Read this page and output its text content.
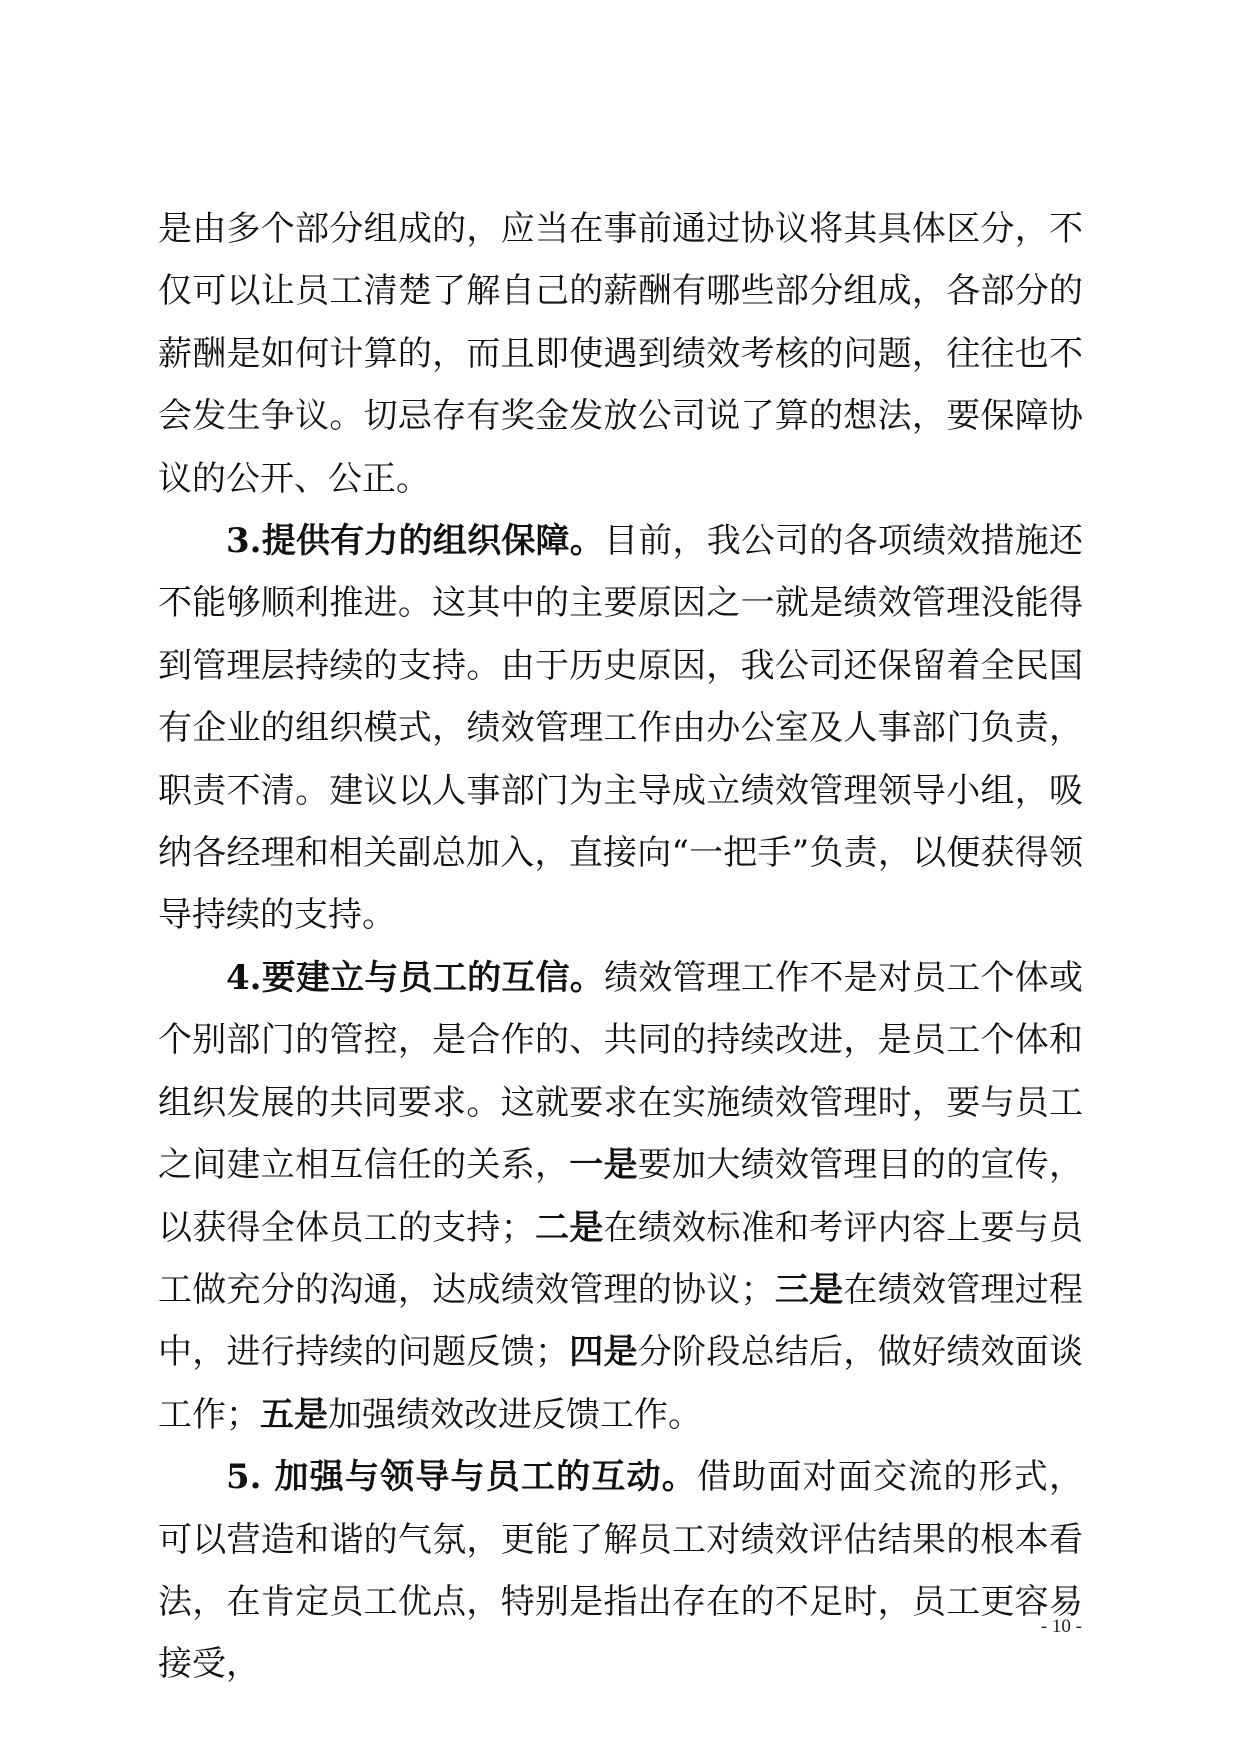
是由多个部分组成的，应当在事前通过协议将其具体区分，不仅可以让员工清楚了解自己的薪酬有哪些部分组成，各部分的薪酬是如何计算的，而且即使遇到绩效考核的问题，往往也不会发生争议。切忌存有奖金发放公司说了算的想法，要保障协议的公开、公正。

3.提供有力的组织保障。目前，我公司的各项绩效措施还不能够顺利推进。这其中的主要原因之一就是绩效管理没能得到管理层持续的支持。由于历史原因，我公司还保留着全民国有企业的组织模式，绩效管理工作由办公室及人事部门负责，职责不清。建议以人事部门为主导成立绩效管理领导小组，吸纳各经理和相关副总加入，直接向“一把手”负责，以便获得领导持续的支持。

4.要建立与员工的互信。绩效管理工作不是对员工个体或个别部门的管控，是合作的、共同的持续改进，是员工个体和组织发展的共同要求。这就要求在实施绩效管理时，要与员工之间建立相互信任的关系，一是要加大绩效管理目的的宣传，以获得全体员工的支持；二是在绩效标准和考评内容上要与员工做充分的沟通，达成绩效管理的协议；三是在绩效管理过程中，进行持续的问题反馈；四是分阶段总结后，做好绩效面谈工作；五是加强绩效改进反馈工作。

5. 加强与领导与员工的互动。借助面对面交流的形式，可以营造和谐的气氛，更能了解员工对绩效评估结果的根本看法，在肯定员工优点，特别是指出存在的不足时，员工更容易接受，

- 10 -
